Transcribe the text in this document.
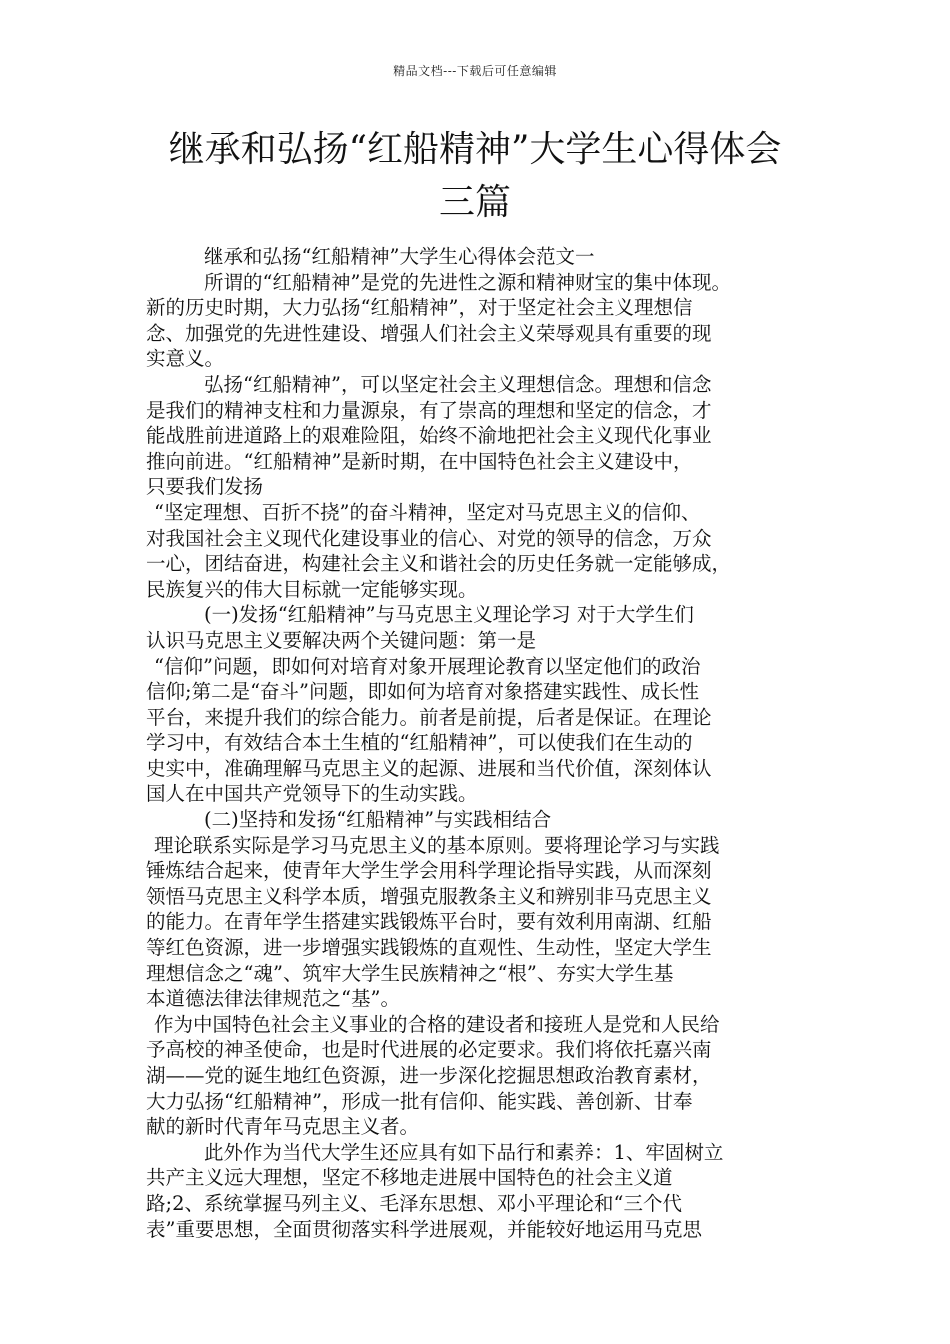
精品文档---下载后可任意编辑
继承和弘扬“红船精神”大学生心得体会
三篇
继承和弘扬“红船精神”大学生心得体会范文一
所谓的“红船精神”是党的先进性之源和精神财宝的集中体现。
新的历史时期，大力弘扬“红船精神”，对于坚定社会主义理想信
念、加强党的先进性建设、增强人们社会主义荣辱观具有重要的现
实意义。
弘扬“红船精神”，可以坚定社会主义理想信念。理想和信念
是我们的精神支柱和力量源泉，有了崇高的理想和坚定的信念，才
能战胜前进道路上的艰难险阻，始终不渝地把社会主义现代化事业
推向前进。“红船精神”是新时期，在中国特色社会主义建设中，
只要我们发扬
“坚定理想、百折不挠”的奋斗精神，坚定对马克思主义的信仰、
对我国社会主义现代化建设事业的信心、对党的领导的信念，万众
一心，团结奋进，构建社会主义和谐社会的历史任务就一定能够成，
民族复兴的伟大目标就一定能够实现。
(一)发扬“红船精神”与马克思主义理论学习 对于大学生们
认识马克思主义要解决两个关键问题：第一是
“信仰”问题，即如何对培育对象开展理论教育以坚定他们的政治
信仰;第二是“奋斗”问题，即如何为培育对象搭建实践性、成长性
平台，来提升我们的综合能力。前者是前提，后者是保证。在理论
学习中，有效结合本土生植的“红船精神”，可以使我们在生动的
史实中，准确理解马克思主义的起源、进展和当代价值，深刻体认
国人在中国共产党领导下的生动实践。
(二)坚持和发扬“红船精神”与实践相结合
理论联系实际是学习马克思主义的基本原则。要将理论学习与实践
锤炼结合起来，使青年大学生学会用科学理论指导实践，从而深刻
领悟马克思主义科学本质，增强克服教条主义和辨别非马克思主义
的能力。在青年学生搭建实践锻炼平台时，要有效利用南湖、红船
等红色资源，进一步增强实践锻炼的直观性、生动性，坚定大学生
理想信念之“魂”、筑牢大学生民族精神之“根”、夯实大学生基
本道德法律法律规范之“基”。
作为中国特色社会主义事业的合格的建设者和接班人是党和人民给
予高校的神圣使命，也是时代进展的必定要求。我们将依托嘉兴南
湖——党的诞生地红色资源，进一步深化挖掘思想政治教育素材，
大力弘扬“红船精神”，形成一批有信仰、能实践、善创新、甘奉
献的新时代青年马克思主义者。
此外作为当代大学生还应具有如下品行和素养：1、牢固树立
共产主义远大理想，坚定不移地走进展中国特色的社会主义道
路;2、系统掌握马列主义、毛泽东思想、邓小平理论和“三个代
表”重要思想，全面贯彻落实科学进展观，并能较好地运用马克思
